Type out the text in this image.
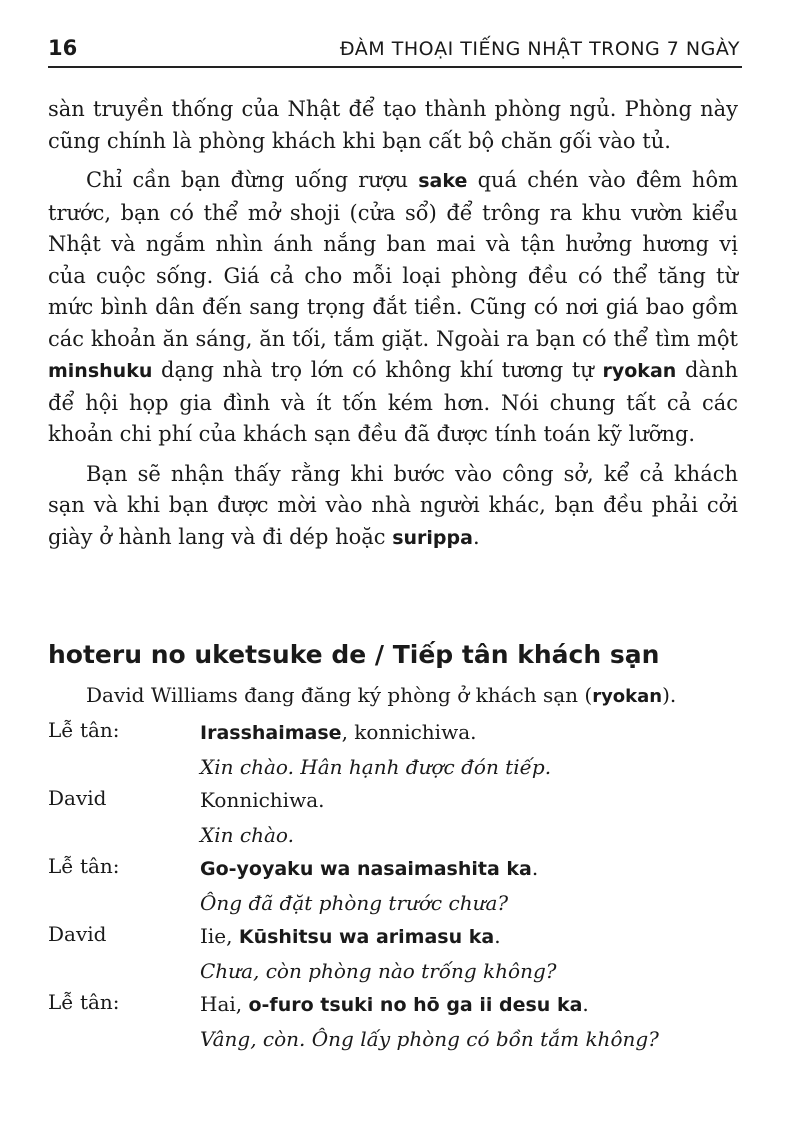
16	ĐÀM THOẠI TIẾNG NHẬT TRONG 7 NGÀY

sàn truyền thống của Nhật để tạo thành phòng ngủ. Phòng này cũng chính là phòng khách khi bạn cất bộ chăn gối vào tủ.

Chỉ cần bạn đừng uống rượu sake quá chén vào đêm hôm trước, bạn có thể mở shoji (cửa sổ) để trông ra khu vườn kiểu Nhật và ngắm nhìn ánh nắng ban mai và tận hưởng hương vị của cuộc sống. Giá cả cho mỗi loại phòng đều có thể tăng từ mức bình dân đến sang trọng đắt tiền. Cũng có nơi giá bao gồm các khoản ăn sáng, ăn tối, tắm giặt. Ngoài ra bạn có thể tìm một minshuku dạng nhà trọ lớn có không khí tương tự ryokan dành để hội họp gia đình và ít tốn kém hơn. Nói chung tất cả các khoản chi phí của khách sạn đều đã được tính toán kỹ lưỡng.

Bạn sẽ nhận thấy rằng khi bước vào công sở, kể cả khách sạn và khi bạn được mời vào nhà người khác, bạn đều phải cởi giày ở hành lang và đi dép hoặc surippa.

hoteru no uketsuke de / Tiếp tân khách sạn
David Williams đang đăng ký phòng ở khách sạn (ryokan).
Lễ tân:	Irasshaimase, konnichiwa.
Xin chào. Hân hạnh được đón tiếp.
David	Konnichiwa.
Xin chào.
Lễ tân:	Go-yoyaku wa nasaimashita ka.
Ông đã đặt phòng trước chưa?
David	Iie, Kūshitsu wa arimasu ka.
Chưa, còn phòng nào trống không?
Lễ tân:	Hai, o-furo tsuki no hō ga ii desu ka.
Vâng, còn. Ông lấy phòng có bồn tắm không?
